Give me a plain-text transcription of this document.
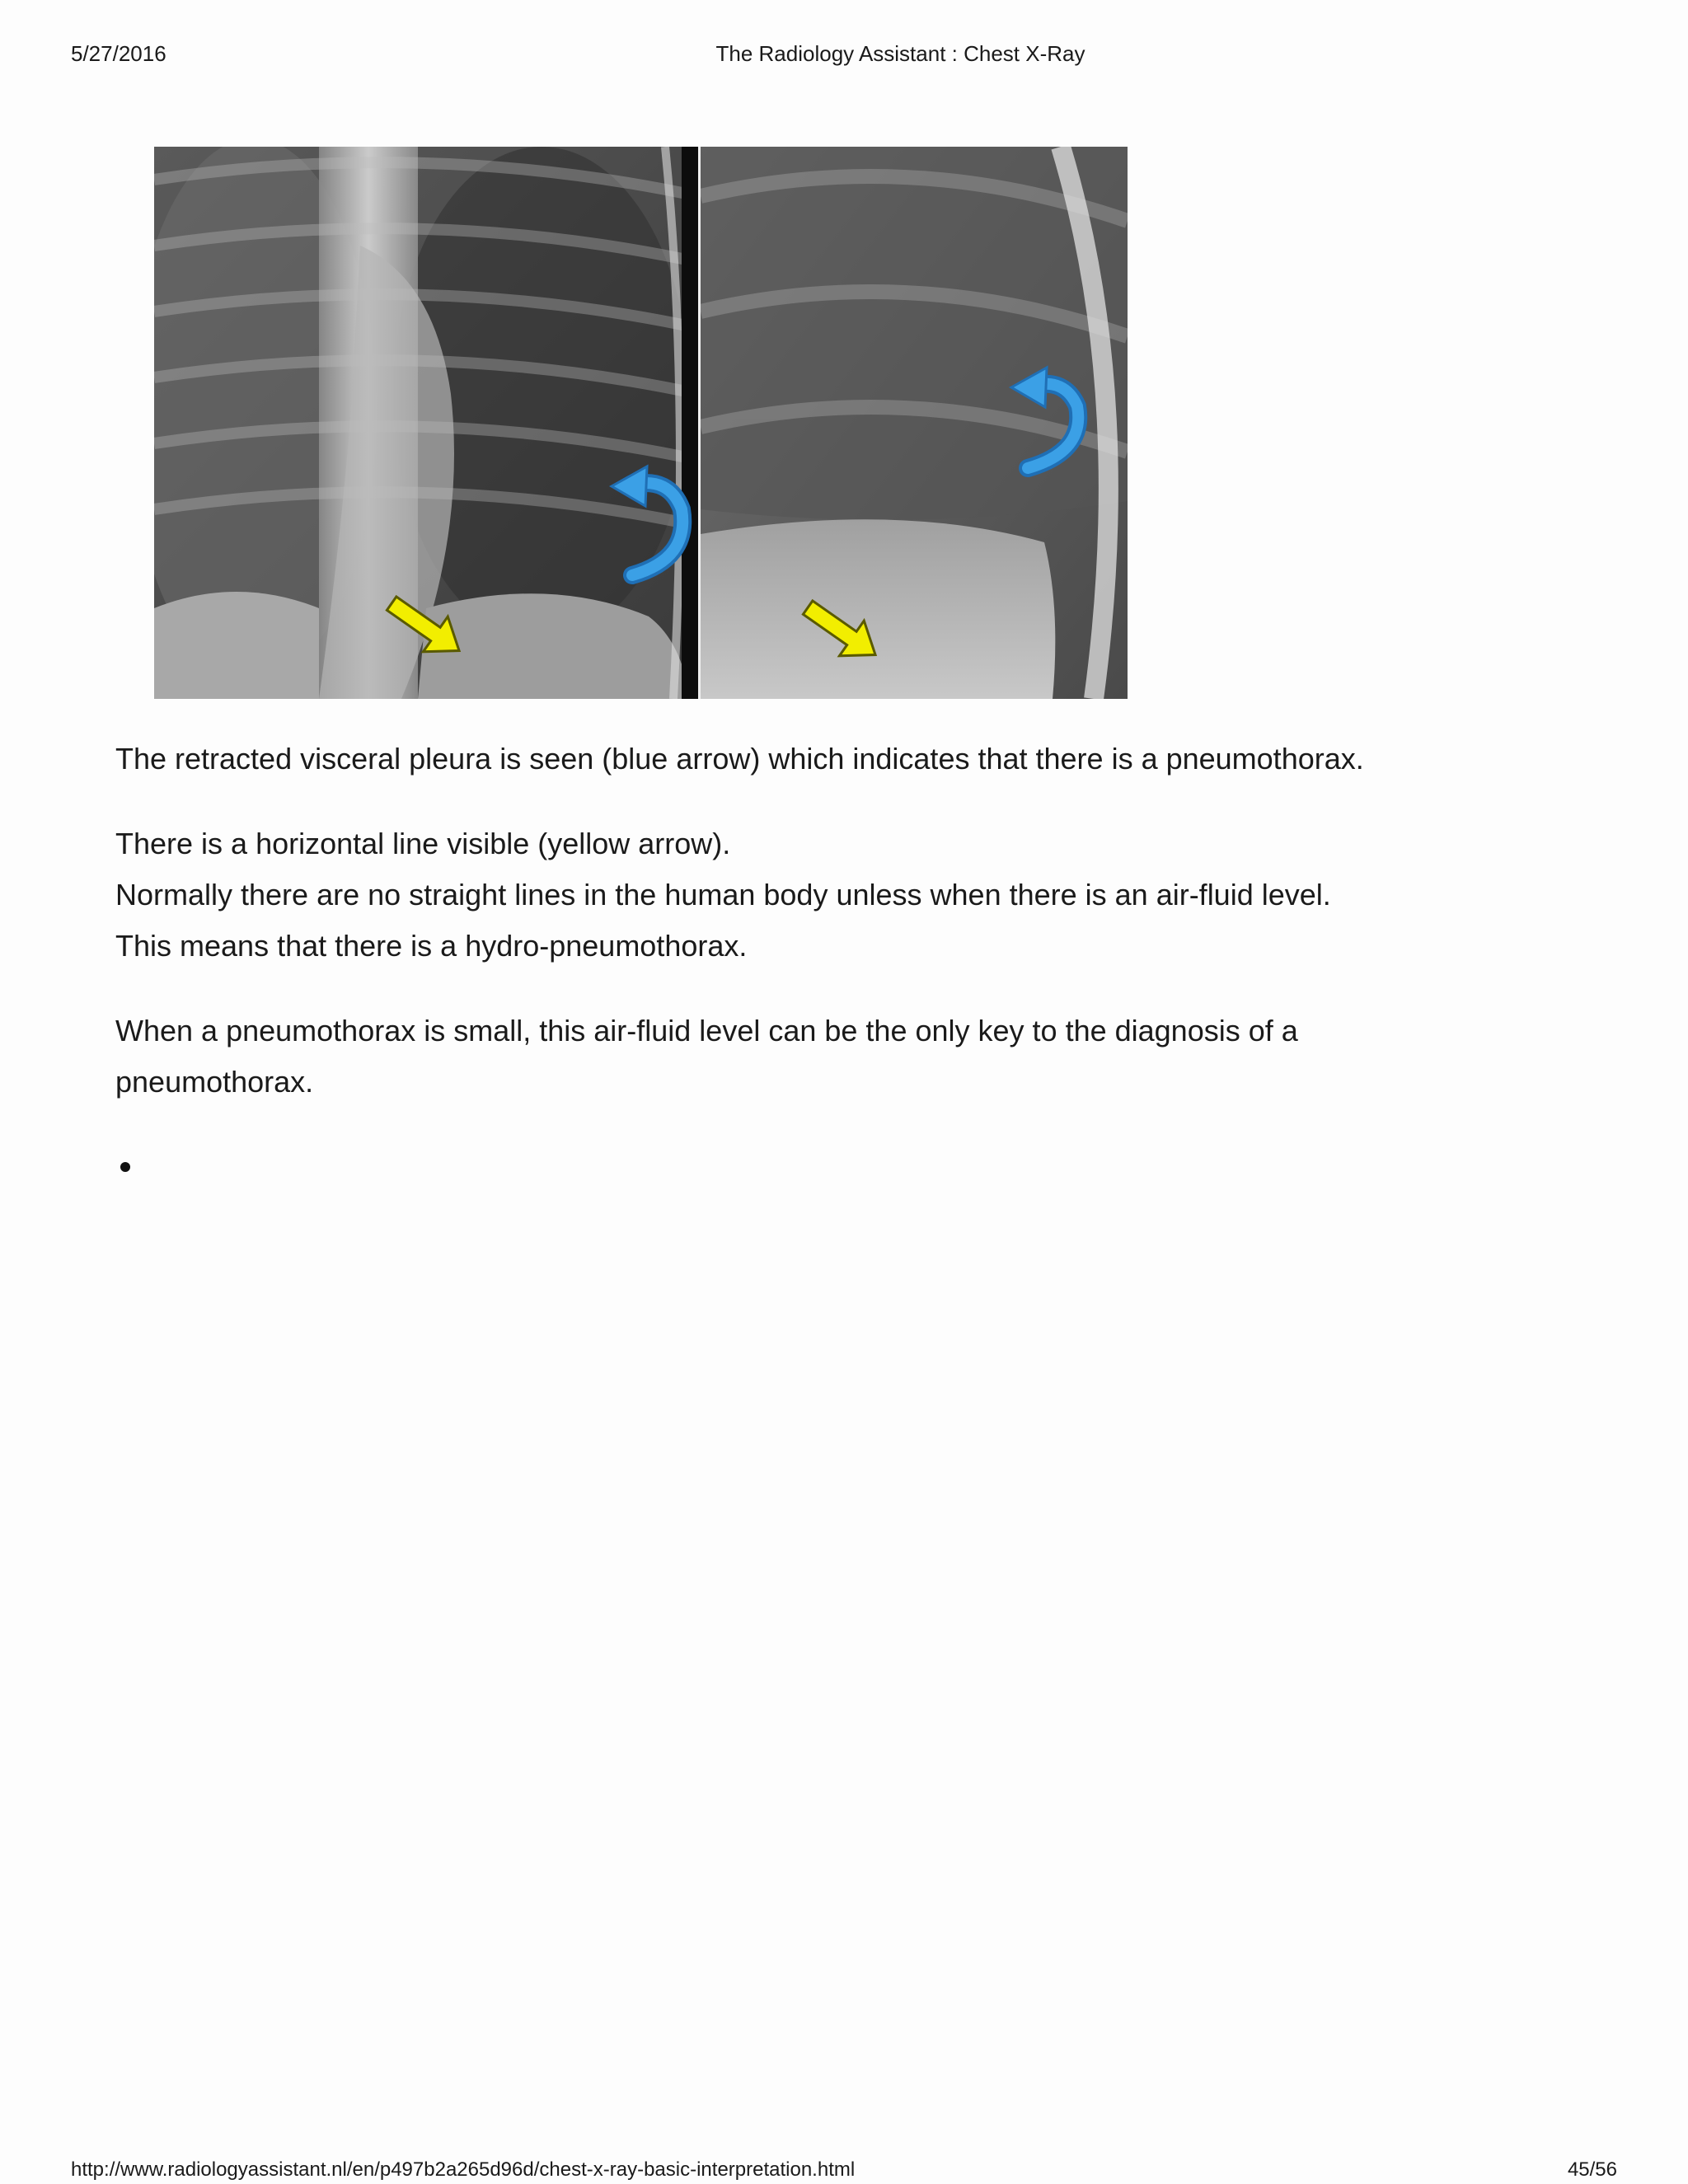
5/27/2016	The Radiology Assistant : Chest X-Ray

The retracted visceral pleura is seen (blue arrow) which indicates that there is a pneumothorax.

There is a horizontal line visible (yellow arrow).
Normally there are no straight lines in the human body unless when there is an air-fluid level.
This means that there is a hydro-pneumothorax.

When a pneumothorax is small, this air-fluid level can be the only key to the diagnosis of a
pneumothorax.

http://www.radiologyassistant.nl/en/p497b2a265d96d/chest-x-ray-basic-interpretation.html	45/56
